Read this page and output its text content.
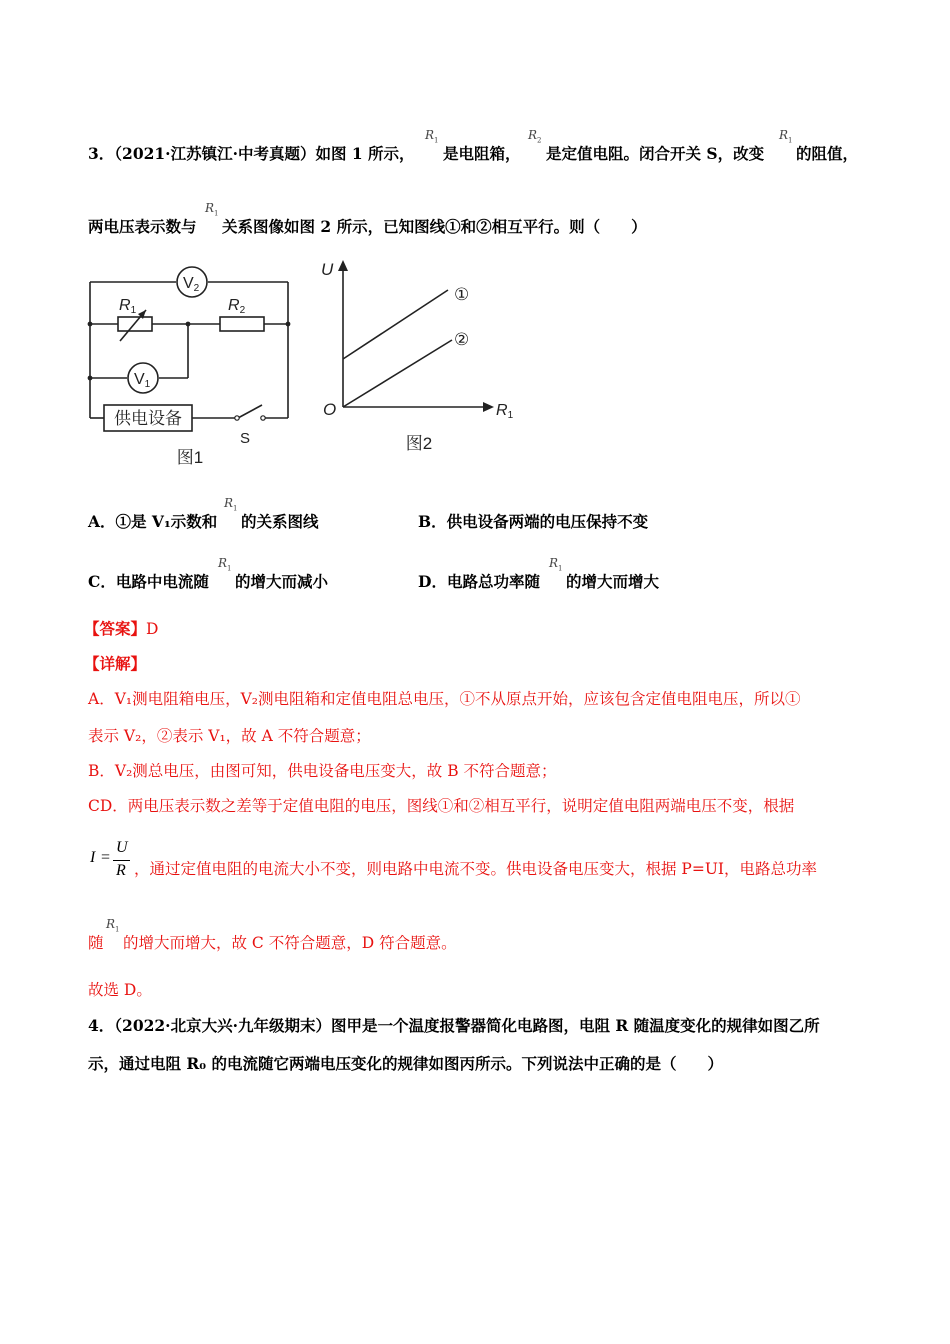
3．（2021·江苏镇江·中考真题）如图 1 所示，
$R_1$
是电阻箱，
$R_2$
是定值电阻。闭合开关 S，改变
$R_1$
的阻值，
两电压表示数与
$R_1$
关系图像如图 2 所示，已知图线①和②相互平行。则（　　）
V2
V1
R1	R2
供电设备
S
图1
U
R1
O
①
②
图2
A．①是 V₁示数和
$R_1$
的关系图线	B．供电设备两端的电压保持不变
C．电路中电流随
$R_1$
的增大而减小	D．电路总功率随
$R_1$
的增大而增大
【答案】D
【详解】
A．V₁测电阻箱电压，V₂测电阻箱和定值电阻总电压，①不从原点开始，应该包含定值电阻电压，所以①
表示 V₂，②表示 V₁，故 A 不符合题意；
B．V₂测总电压，由图可知，供电设备电压变大，故 B 不符合题意；
CD．两电压表示数之差等于定值电阻的电压，图线①和②相互平行，说明定值电阻两端电压不变，根据
I =
U
R ，通过定值电阻的电流大小不变，则电路中电流不变。供电设备电压变大，根据 P=UI，电路总功率
随
$R_1$
的增大而增大，故 C 不符合题意，D 符合题意。
故选 D。
4．（2022·北京大兴·九年级期末）图甲是一个温度报警器简化电路图，电阻 R 随温度变化的规律如图乙所
示，通过电阻 R₀ 的电流随它两端电压变化的规律如图丙所示。下列说法中正确的是（　　）
